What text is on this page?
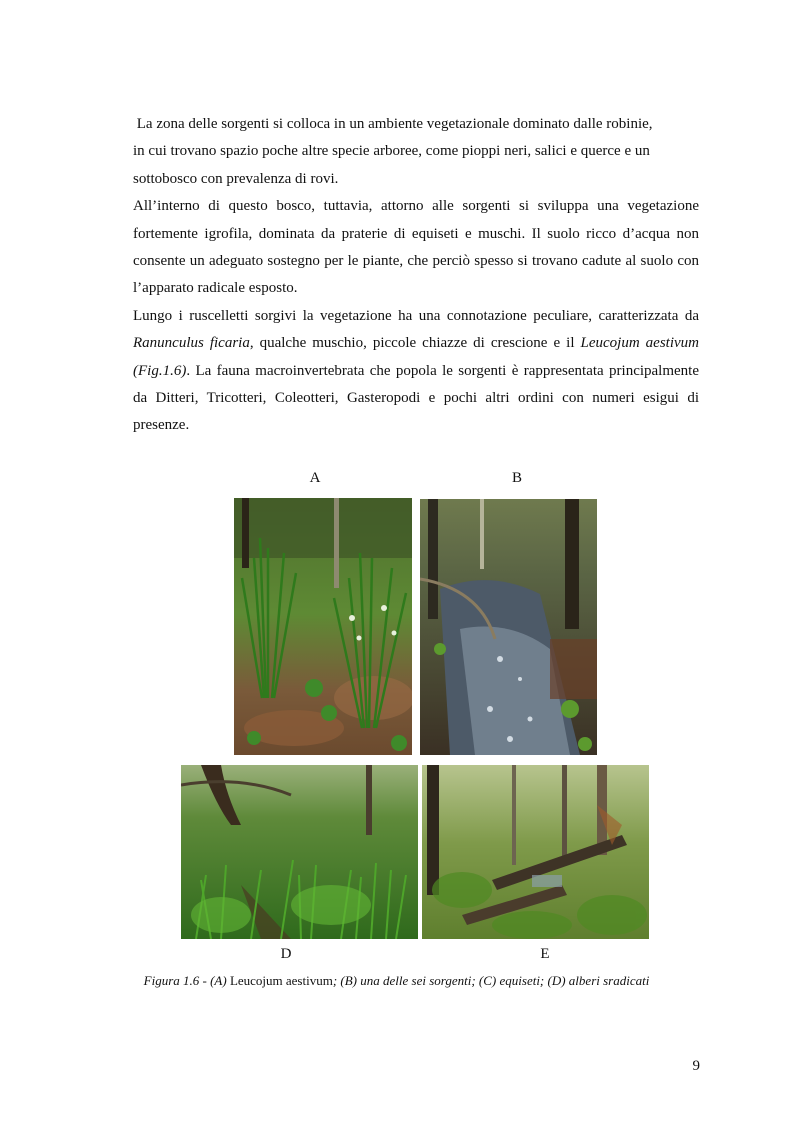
La zona delle sorgenti si colloca in un ambiente vegetazionale dominato dalle robinie,
in cui trovano spazio poche altre specie arboree, come pioppi neri, salici e querce e un
sottobosco con prevalenza di rovi.

All’interno di questo bosco, tuttavia, attorno alle sorgenti si sviluppa una vegetazione fortemente igrofila, dominata da praterie di equiseti e muschi. Il suolo ricco d’acqua non consente un adeguato sostegno per le piante, che perciò spesso si trovano cadute al suolo con l’apparato radicale esposto.

Lungo i ruscelletti sorgivi la vegetazione ha una connotazione peculiare, caratterizzata da Ranunculus ficaria, qualche muschio, piccole chiazze di crescione e il Leucojum aestivum (Fig.1.6). La fauna macroinvertebrata che popola le sorgenti è rappresentata principalmente da Ditteri, Tricotteri, Coleotteri, Gasteropodi e pochi altri ordini con numeri esigui di presenze.

A	B
D	E
Figura 1.6 - (A) Leucojum aestivum; (B) una delle sei sorgenti; (C) equiseti; (D) alberi sradicati
9
